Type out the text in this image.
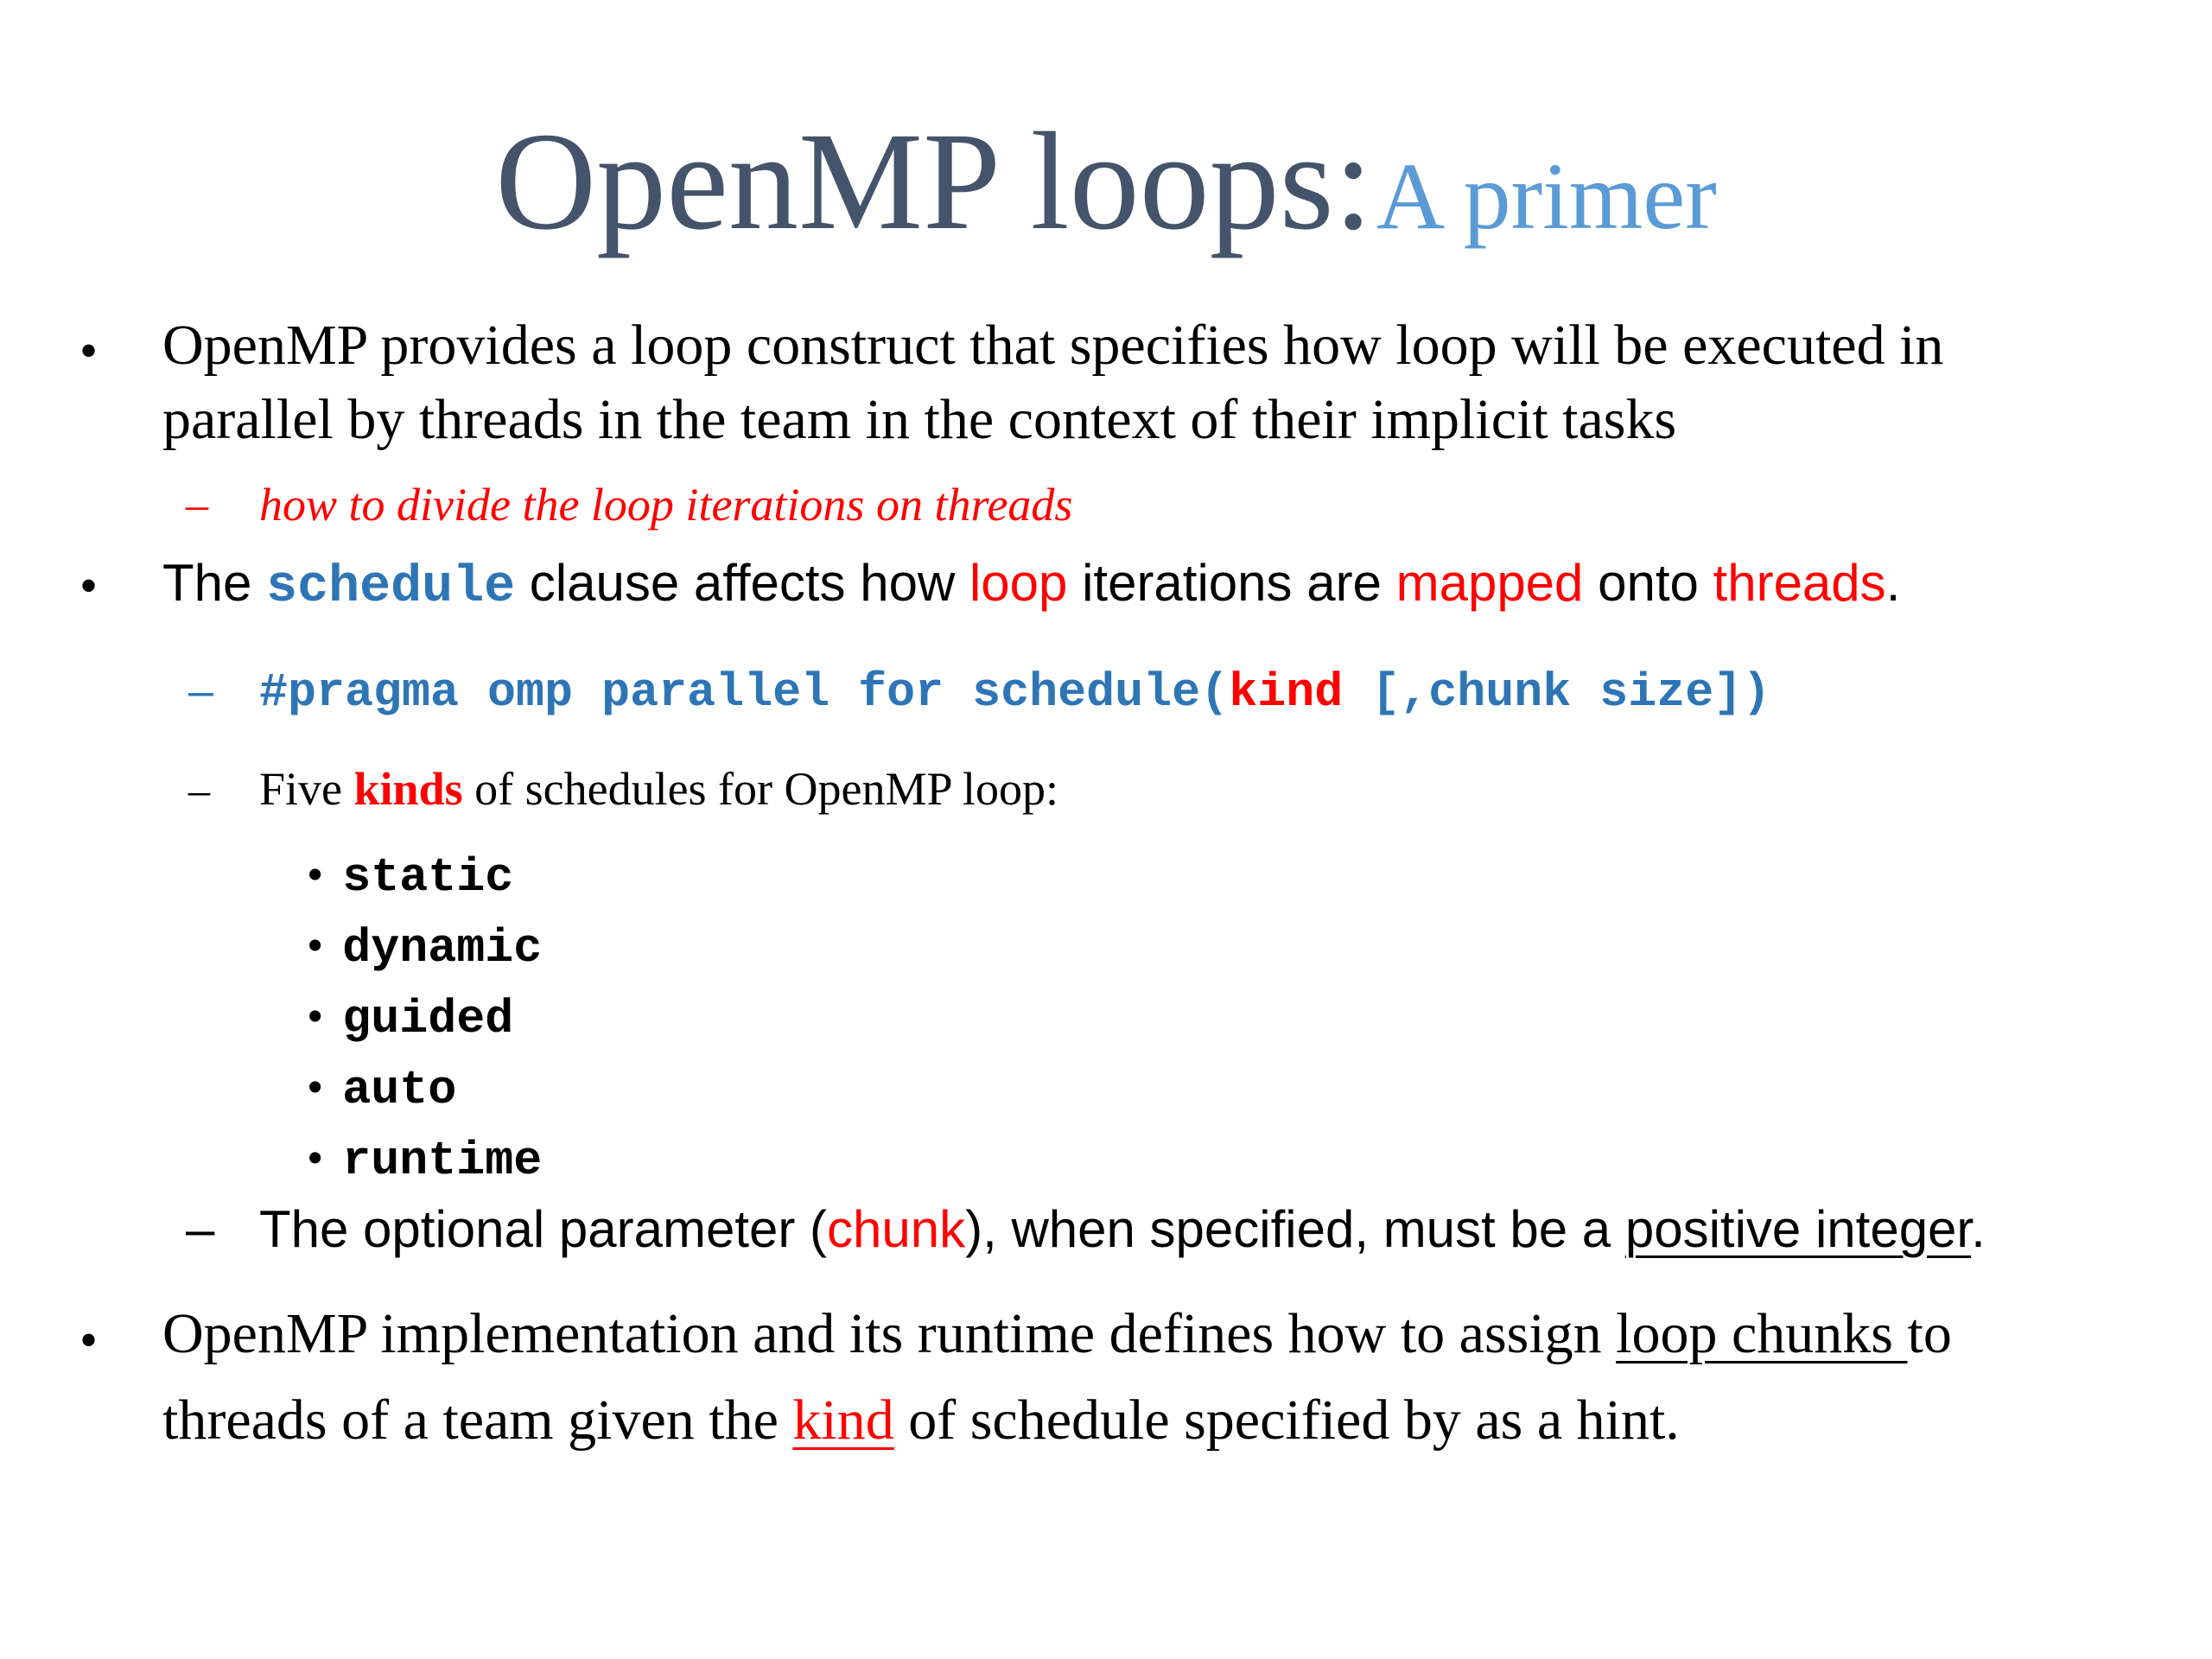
OpenMP loops: A primer
• OpenMP provides a loop construct that specifies how loop will be executed in
parallel by threads in the team in the context of their implicit tasks
– how to divide the loop iterations on threads
• The schedule clause affects how loop iterations are mapped onto threads.
– #pragma omp parallel for schedule(kind [,chunk size])
– Five kinds of schedules for OpenMP loop:
• static
• dynamic
• guided
• auto
• runtime
– The optional parameter (chunk), when specified, must be a positive integer.
• OpenMP implementation and its runtime defines how to assign loop chunks to
threads of a team given the kind of schedule specified by as a hint.
